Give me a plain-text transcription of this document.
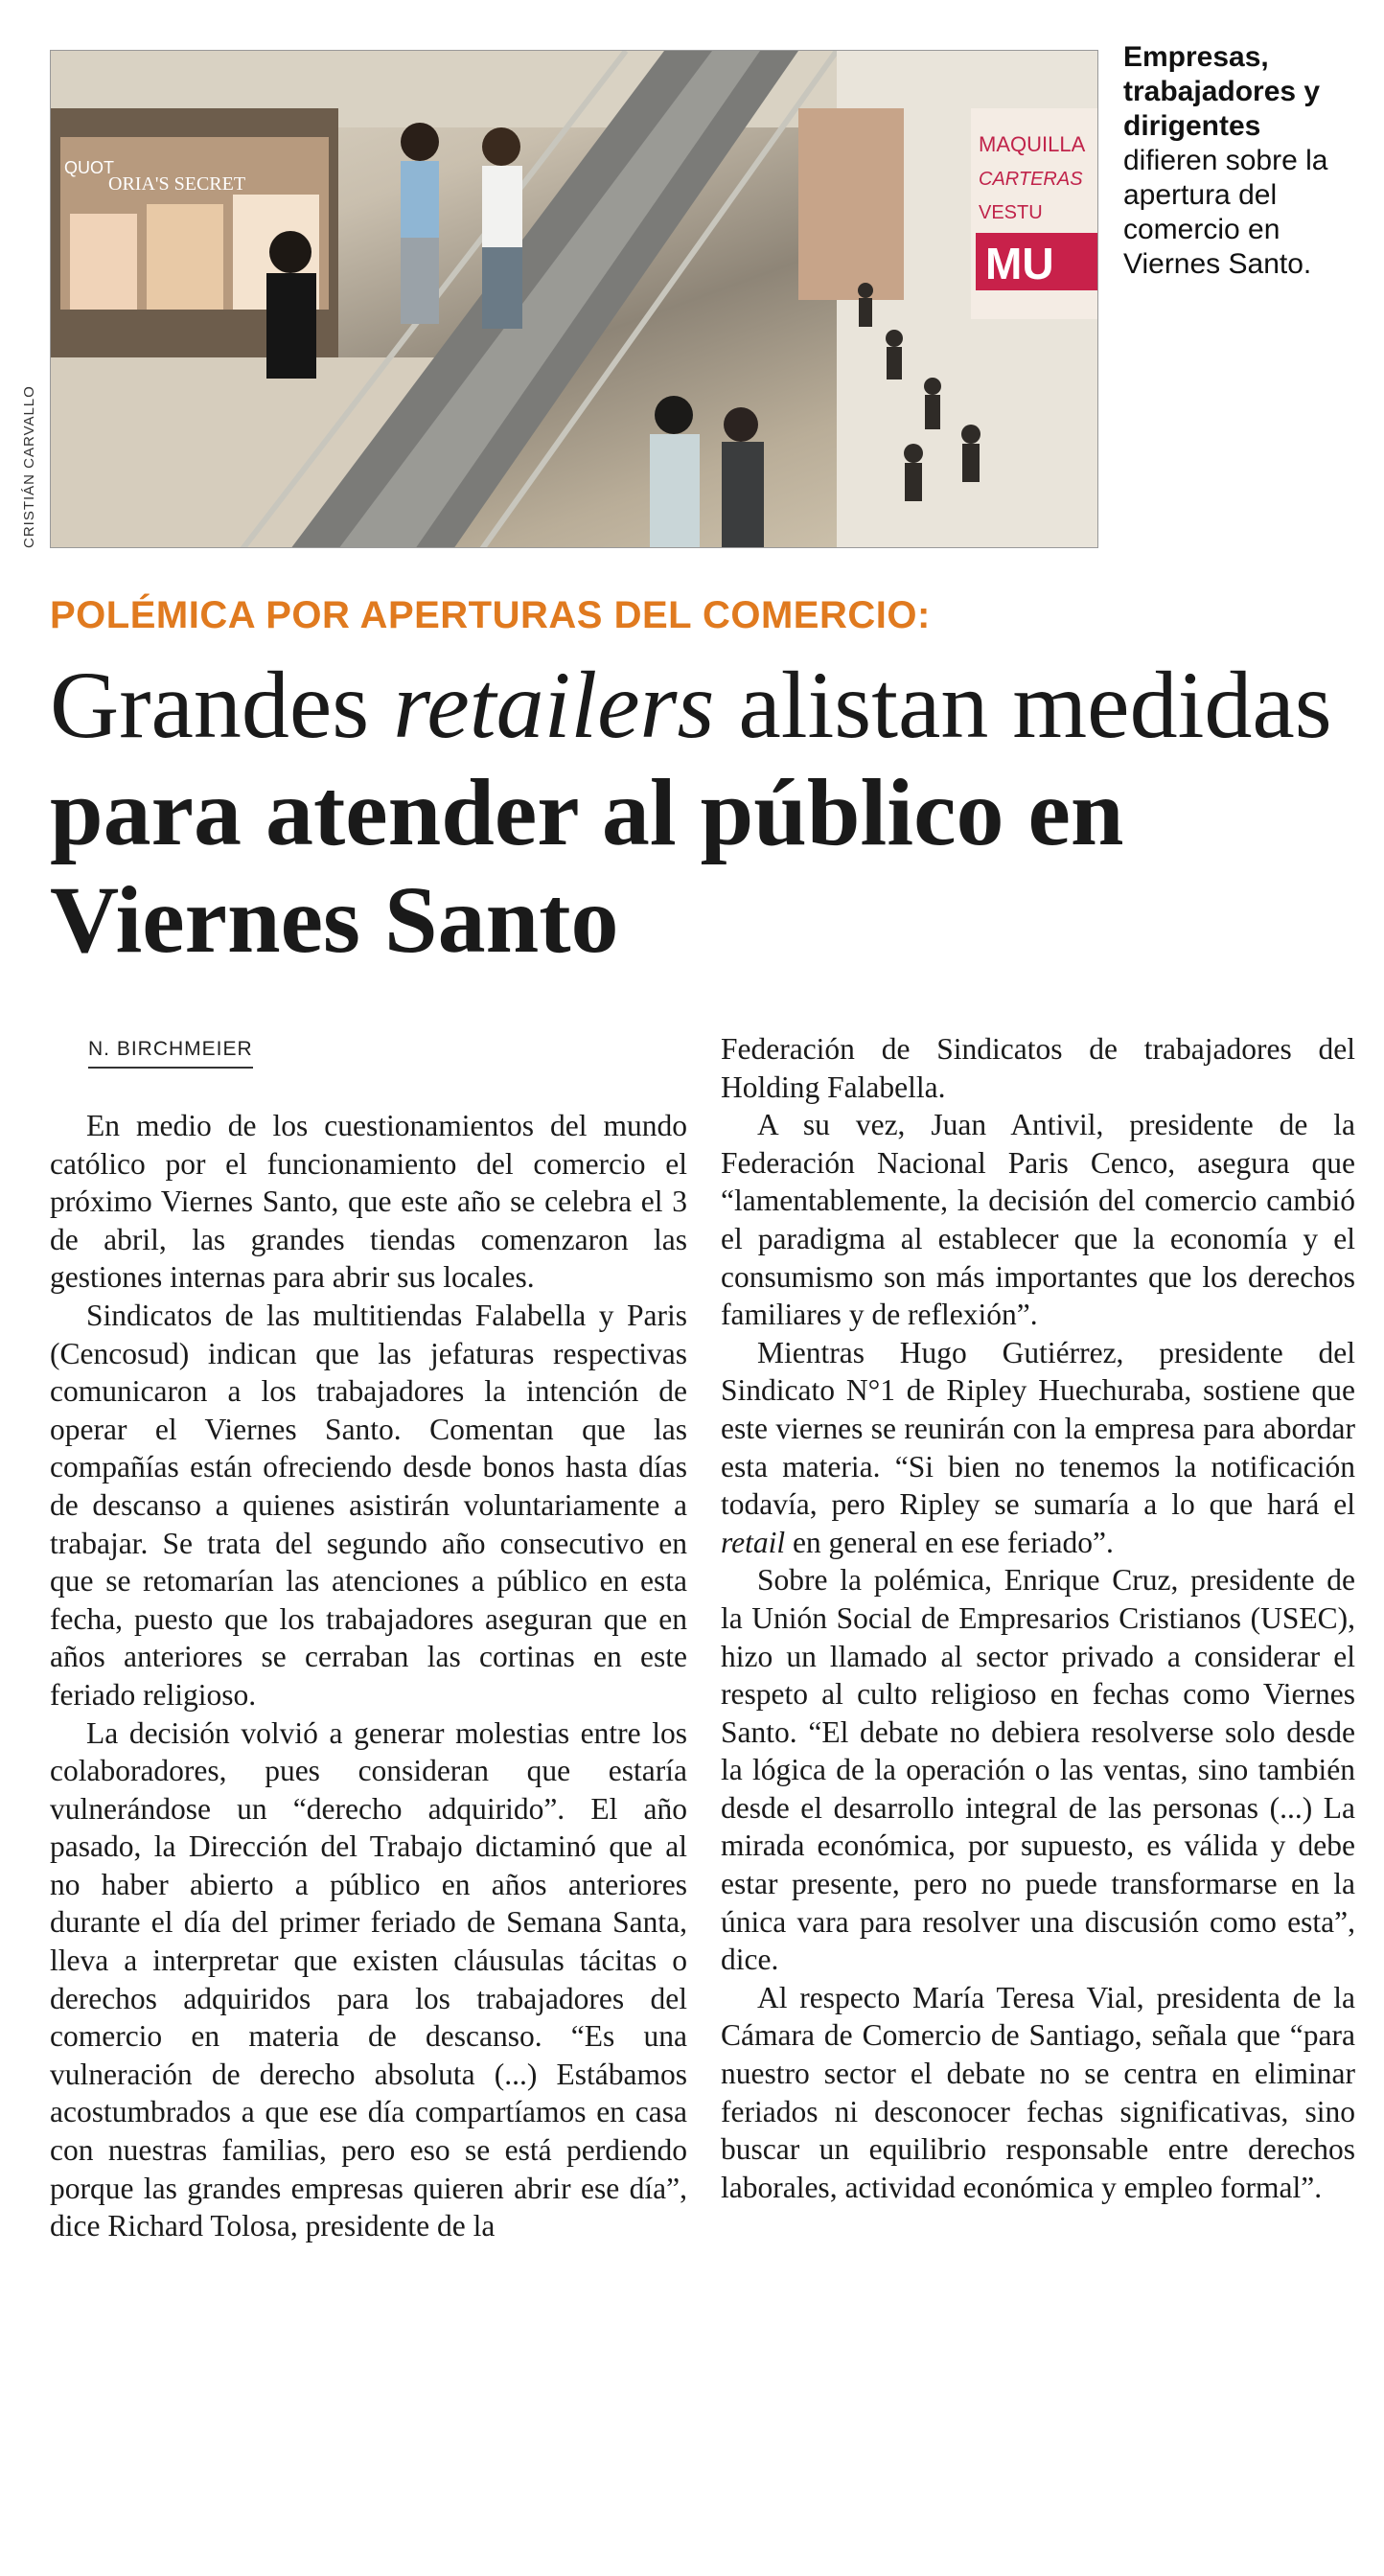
QUOT
ORIA'S SECRET
MAQUILLA
CARTERAS
VESTU
MU
CRISTIÁN CARVALLO
Empresas, trabajadores y dirigentes difieren sobre la apertura del comercio en Viernes Santo.
POLÉMICA POR APERTURAS DEL COMERCIO:
Grandes retailers alistan medidas para atender al público en Viernes Santo
N. BIRCHMEIER

En medio de los cuestionamientos del mundo católico por el funcionamiento del comercio el próximo Viernes Santo, que este año se celebra el 3 de abril, las grandes tiendas comenzaron las gestiones internas para abrir sus locales.

Sindicatos de las multitiendas Falabella y Paris (Cencosud) indican que las jefaturas respectivas comunicaron a los trabajadores la intención de operar el Viernes Santo. Comentan que las compañías están ofreciendo desde bonos hasta días de descanso a quienes asistirán voluntariamente a trabajar. Se trata del segundo año consecutivo en que se retomarían las atenciones a público en esta fecha, puesto que los trabajadores aseguran que en años anteriores se cerraban las cortinas en este feriado religioso.

La decisión volvió a generar molestias entre los colaboradores, pues consideran que estaría vulnerándose un “derecho adquirido”. El año pasado, la Dirección del Trabajo dictaminó que al no haber abierto a público en años anteriores durante el día del primer feriado de Semana Santa, lleva a interpretar que existen cláusulas tácitas o derechos adquiridos para los trabajadores del comercio en materia de descanso. “Es una vulneración de derecho absoluta (...) Estábamos acostumbrados a que ese día compartíamos en casa con nuestras familias, pero eso se está perdiendo porque las grandes empresas quieren abrir ese día”, dice Richard Tolosa, presidente de la

Federación de Sindicatos de trabajadores del Holding Falabella.

A su vez, Juan Antivil, presidente de la Federación Nacional Paris Cenco, asegura que “lamentablemente, la decisión del comercio cambió el paradigma al establecer que la economía y el consumismo son más importantes que los derechos familiares y de reflexión”.

Mientras Hugo Gutiérrez, presidente del Sindicato N°1 de Ripley Huechuraba, sostiene que este viernes se reunirán con la empresa para abordar esta materia. “Si bien no tenemos la notificación todavía, pero Ripley se sumaría a lo que hará el retail en general en ese feriado”.

Sobre la polémica, Enrique Cruz, presidente de la Unión Social de Empresarios Cristianos (USEC), hizo un llamado al sector privado a considerar el respeto al culto religioso en fechas como Viernes Santo. “El debate no debiera resolverse solo desde la lógica de la operación o las ventas, sino también desde el desarrollo integral de las personas (...) La mirada económica, por supuesto, es válida y debe estar presente, pero no puede transformarse en la única vara para resolver una discusión como esta”, dice.

Al respecto María Teresa Vial, presidenta de la Cámara de Comercio de Santiago, señala que “para nuestro sector el debate no se centra en eliminar feriados ni desconocer fechas significativas, sino buscar un equilibrio responsable entre derechos laborales, actividad económica y empleo formal”.
